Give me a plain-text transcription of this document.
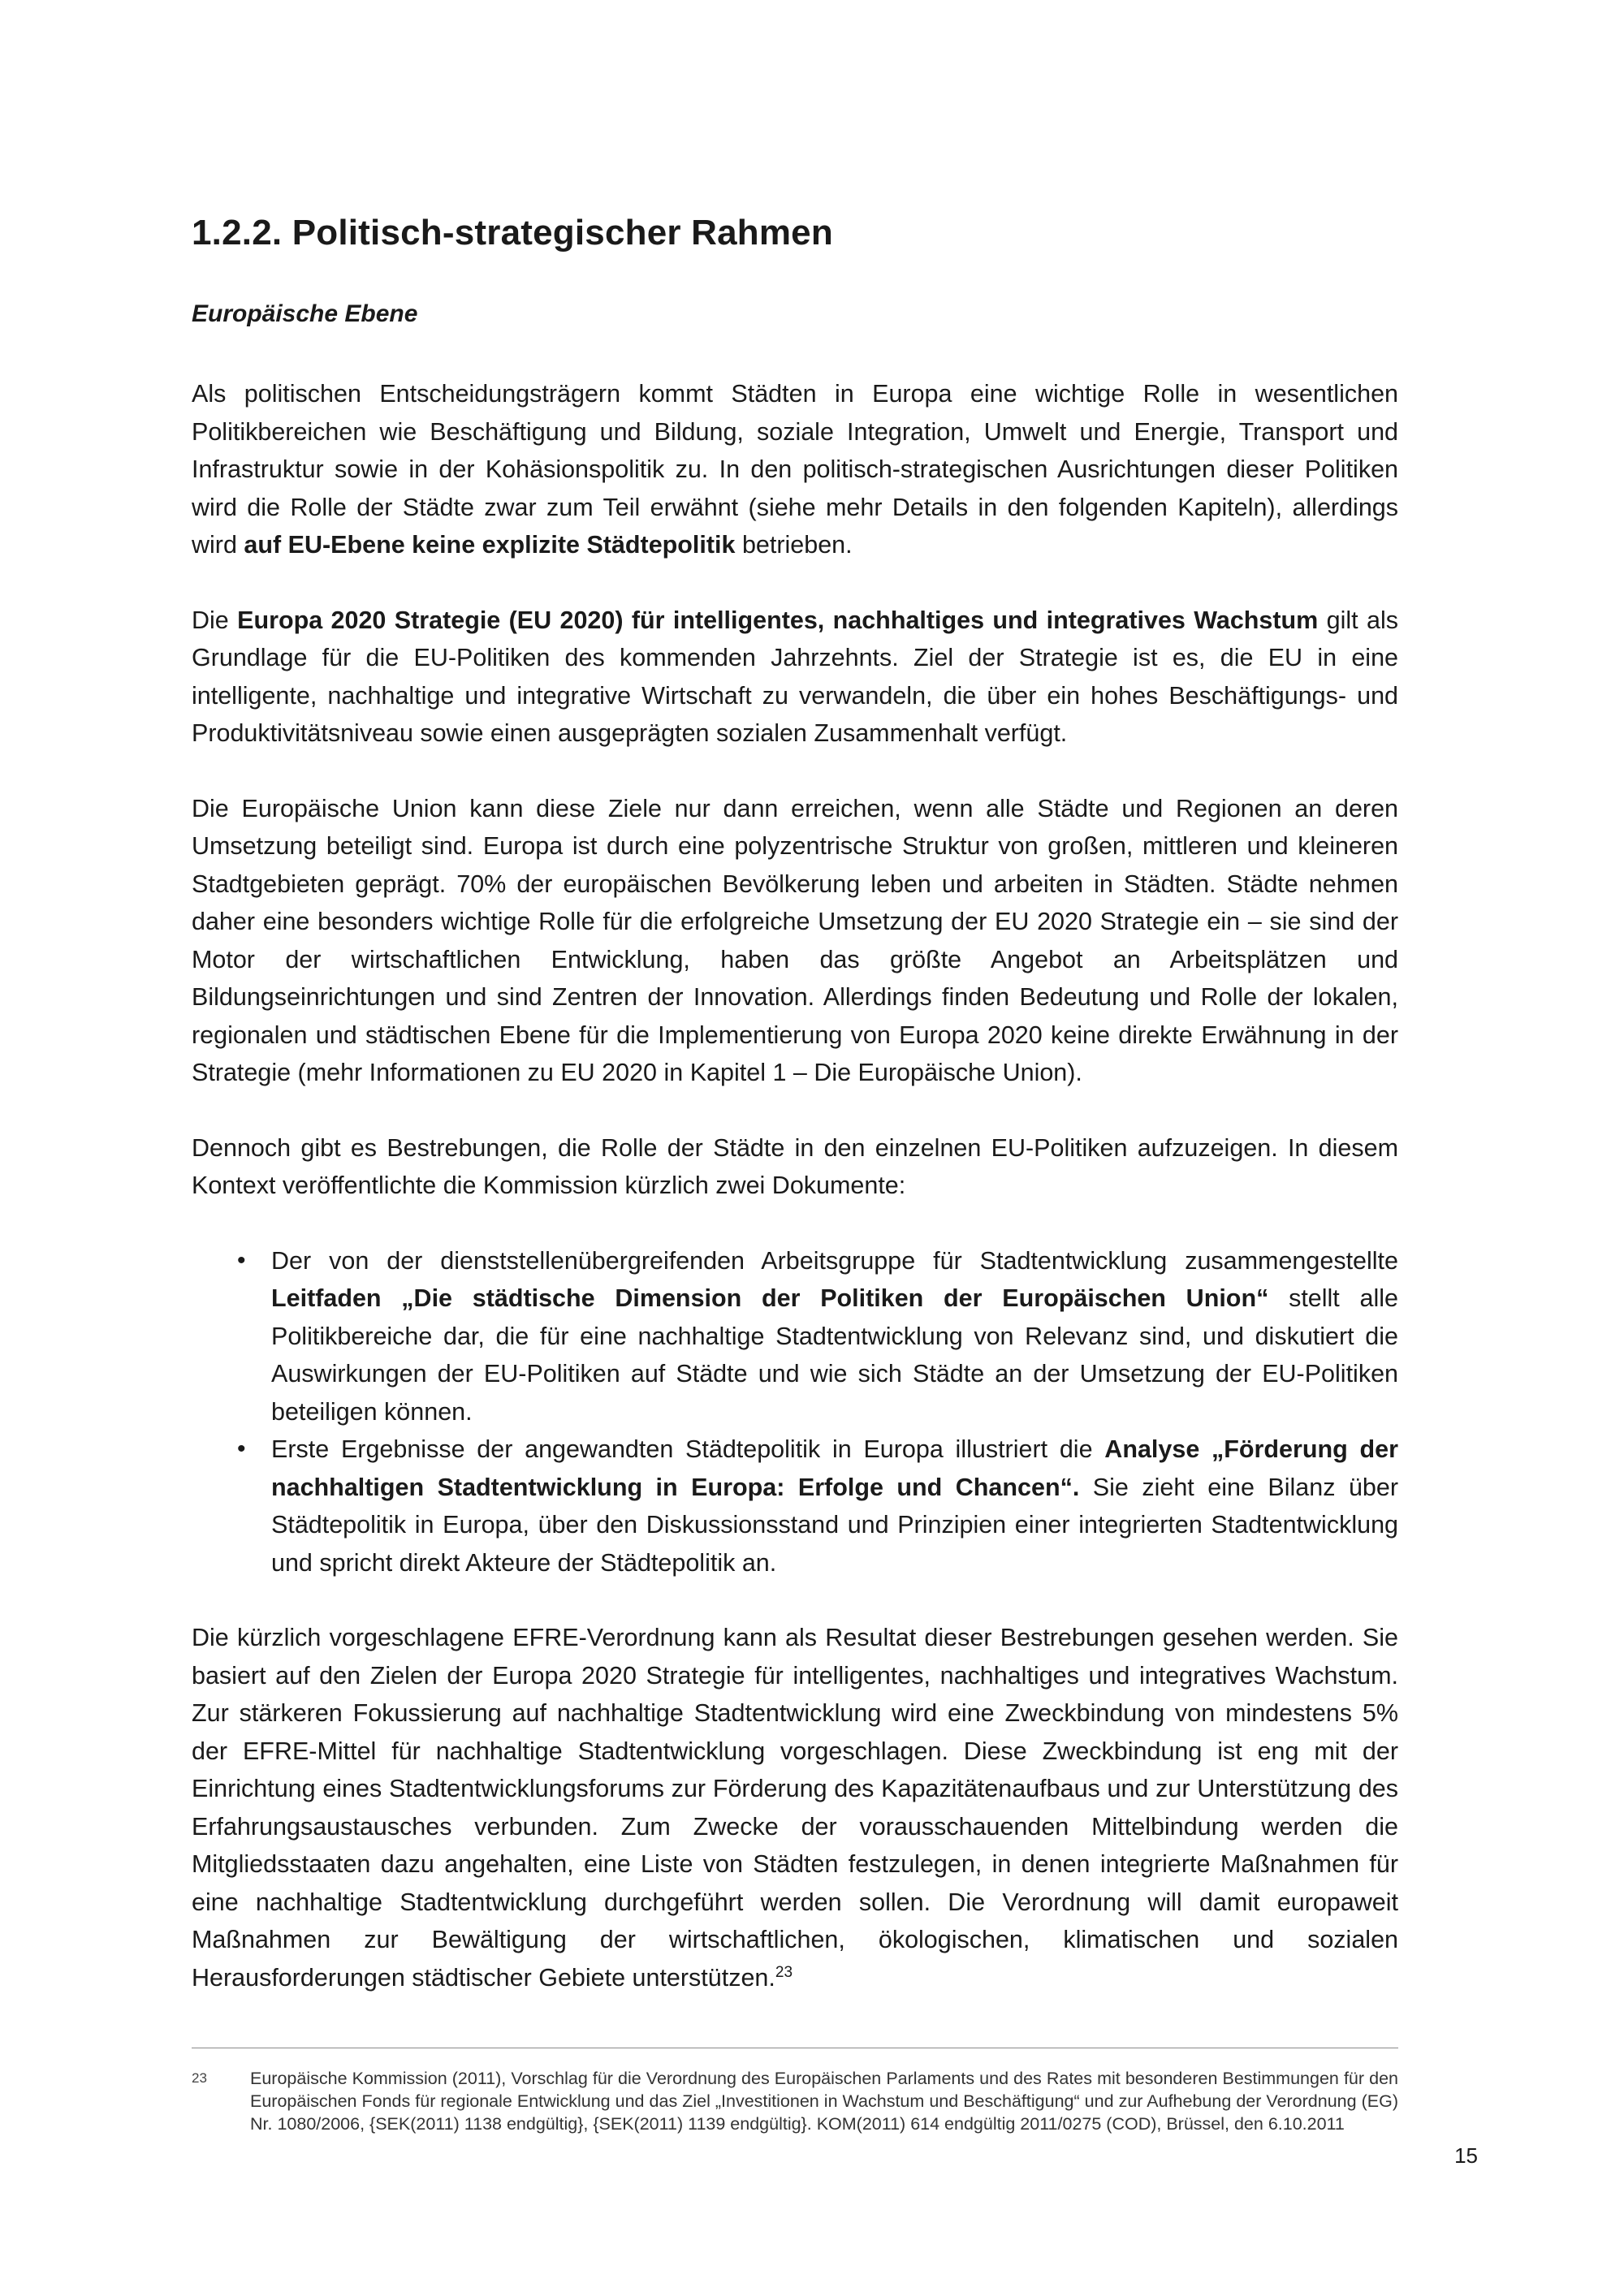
1.2.2. Politisch-strategischer Rahmen
Europäische Ebene

Als politischen Entscheidungsträgern kommt Städten in Europa eine wichtige Rolle in wesentlichen Politikbereichen wie Beschäftigung und Bildung, soziale Integration, Umwelt und Energie, Transport und Infrastruktur sowie in der Kohäsionspolitik zu. In den politisch-strategischen Ausrichtungen dieser Politiken wird die Rolle der Städte zwar zum Teil erwähnt (siehe mehr Details in den folgenden Kapiteln), allerdings wird auf EU-Ebene keine explizite Städtepolitik betrieben.

Die Europa 2020 Strategie (EU 2020) für intelligentes, nachhaltiges und integratives Wachstum gilt als Grundlage für die EU-Politiken des kommenden Jahrzehnts. Ziel der Strategie ist es, die EU in eine intelligente, nachhaltige und integrative Wirtschaft zu verwandeln, die über ein hohes Beschäftigungs- und Produktivitätsniveau sowie einen ausgeprägten sozialen Zusammenhalt verfügt.

Die Europäische Union kann diese Ziele nur dann erreichen, wenn alle Städte und Regionen an deren Umsetzung beteiligt sind. Europa ist durch eine polyzentrische Struktur von großen, mittleren und kleineren Stadtgebieten geprägt. 70% der europäischen Bevölkerung leben und arbeiten in Städten. Städte nehmen daher eine besonders wichtige Rolle für die erfolgreiche Umsetzung der EU 2020 Strategie ein – sie sind der Motor der wirtschaftlichen Entwicklung, haben das größte Angebot an Arbeitsplätzen und Bildungseinrichtungen und sind Zentren der Innovation. Allerdings finden Bedeutung und Rolle der lokalen, regionalen und städtischen Ebene für die Implementierung von Europa 2020 keine direkte Erwähnung in der Strategie (mehr Informationen zu EU 2020 in Kapitel 1 – Die Europäische Union).

Dennoch gibt es Bestrebungen, die Rolle der Städte in den einzelnen EU-Politiken aufzuzeigen. In diesem Kontext veröffentlichte die Kommission kürzlich zwei Dokumente:

• Der von der dienststellenübergreifenden Arbeitsgruppe für Stadtentwicklung zusammengestellte Leitfaden „Die städtische Dimension der Politiken der Europäischen Union“ stellt alle Politikbereiche dar, die für eine nachhaltige Stadtentwicklung von Relevanz sind, und diskutiert die Auswirkungen der EU-Politiken auf Städte und wie sich Städte an der Umsetzung der EU-Politiken beteiligen können.
• Erste Ergebnisse der angewandten Städtepolitik in Europa illustriert die Analyse „Förderung der nachhaltigen Stadtentwicklung in Europa: Erfolge und Chancen“. Sie zieht eine Bilanz über Städtepolitik in Europa, über den Diskussionsstand und Prinzipien einer integrierten Stadtentwicklung und spricht direkt Akteure der Städtepolitik an.

Die kürzlich vorgeschlagene EFRE-Verordnung kann als Resultat dieser Bestrebungen gesehen werden. Sie basiert auf den Zielen der Europa 2020 Strategie für intelligentes, nachhaltiges und integratives Wachstum. Zur stärkeren Fokussierung auf nachhaltige Stadtentwicklung wird eine Zweckbindung von mindestens 5% der EFRE-Mittel für nachhaltige Stadtentwicklung vorgeschlagen. Diese Zweckbindung ist eng mit der Einrichtung eines Stadtentwicklungsforums zur Förderung des Kapazitätenaufbaus und zur Unterstützung des Erfahrungsaustausches verbunden. Zum Zwecke der vorausschauenden Mittelbindung werden die Mitgliedsstaaten dazu angehalten, eine Liste von Städten festzulegen, in denen integrierte Maßnahmen für eine nachhaltige Stadtentwicklung durchgeführt werden sollen. Die Verordnung will damit europaweit Maßnahmen zur Bewältigung der wirtschaftlichen, ökologischen, klimatischen und sozialen Herausforderungen städtischer Gebiete unterstützen.$^{23}$

23	Europäische Kommission (2011), Vorschlag für die Verordnung des Europäischen Parlaments und des Rates mit besonderen Bestimmungen für den Europäischen Fonds für regionale Entwicklung und das Ziel „Investitionen in Wachstum und Beschäftigung“ und zur Aufhebung der Verordnung (EG) Nr. 1080/2006, {SEK(2011) 1138 endgültig}, {SEK(2011) 1139 endgültig}. KOM(2011) 614 endgültig 2011/0275 (COD), Brüssel, den 6.10.2011
15
